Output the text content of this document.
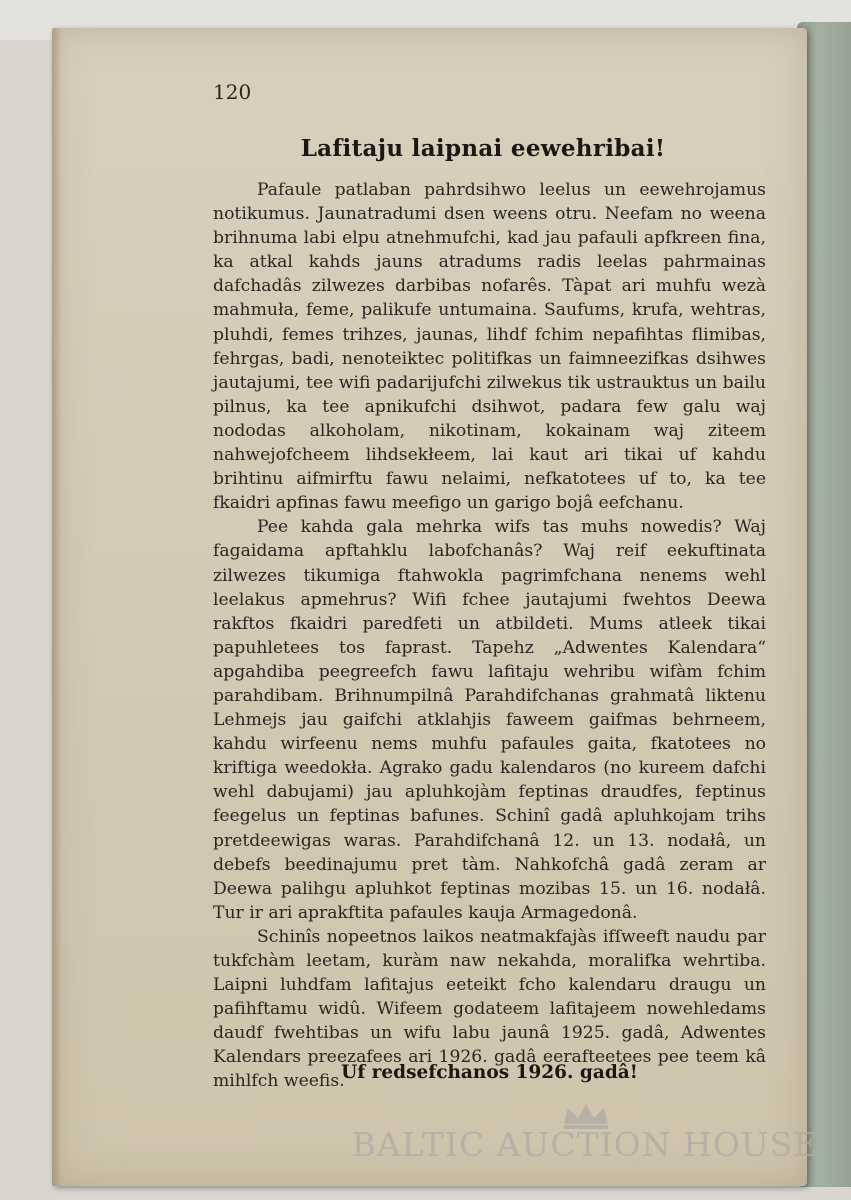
120
Lafitaju laipnai eewehribai!

Pafaule patlaban pahrdsihwo leelus un eewehrojamus notikumus. Jaunatradumi dsen weens otru. Neefam no weena brihnuma labi elpu atnehmufchi, kad jau pafauli apfkreen fina, ka atkal kahds jauns atradums radis leelas pahrmainas dafchadâs zilwezes darbibas nofarês. Tàpat ari muhfu wezà mahmuła, feme, palikufe untumaina. Saufums, krufa, wehtras, pluhdi, femes trihzes, jaunas, lihdf fchim nepafihtas flimibas, fehrgas, badi, nenoteiktec politifkas un faimneezifkas dsihwes jautajumi, tee wifi padarijufchi zilwekus tik ustrauktus un bailu pilnus, ka tee apnikufchi dsihwot, padara few galu waj nododas alkoholam, nikotinam, kokainam waj ziteem nahwejofcheem lihdsekłeem, lai kaut ari tikai uf kahdu brihtinu aifmirftu fawu nelaimi, nefkatotees uf to, ka tee fkaidri apfinas fawu meefigo un garigo bojâ eefchanu.

Pee kahda gala mehrka wifs tas muhs nowedis? Waj fagaidama apftahklu labofchanâs? Waj reif eekuftinata zilwezes tikumiga ftahwokla pagrimfchana nenems wehl leelakus apmehrus? Wifi fchee jautajumi fwehtos Deewa rakftos fkaidri paredfeti un atbildeti. Mums atleek tikai papuhletees tos faprast. Tapehz „Adwentes Kalendara“ apgahdiba peegreefch fawu lafitaju wehribu wifàm fchim parahdibam. Brihnumpilnâ Parahdifchanas grahmatâ liktenu Lehmejs jau gaifchi atklahjis faweem gaifmas behrneem, kahdu wirfeenu nems muhfu pafaules gaita, fkatotees no kriftiga weedokła. Agrako gadu kalendaros (no kureem dafchi wehl dabujami) jau apluhkojàm feptinas draudfes, feptinus feegelus un feptinas bafunes. Schinî gadâ apluhkojam trihs pretdeewigas waras. Parahdifchanâ 12. un 13. nodałâ, un debefs beedinajumu pret tàm. Nahkofchâ gadâ zeram ar Deewa palihgu apluhkot feptinas mozibas 15. un 16. nodałâ. Tur ir ari aprakftita pafaules kauja Armagedonâ.

Schinîs nopeetnos laikos neatmakfajàs ifſweeft naudu par tukfchàm leetam, kuràm naw nekahda, moralifka wehrtiba. Laipni luhdfam lafitajus eeteikt fcho kalendaru draugu un pafihftamu widû. Wifeem godateem lafitajeem nowehledams daudf fwehtibas un wifu labu jaunâ 1925. gadâ, Adwentes Kalendars preezafees ari 1926. gadâ eerafteetees pee teem kâ mihlfch weefis.

Uf redsefchanos 1926. gadâ!
BALTIC AUCTION HOUSE
